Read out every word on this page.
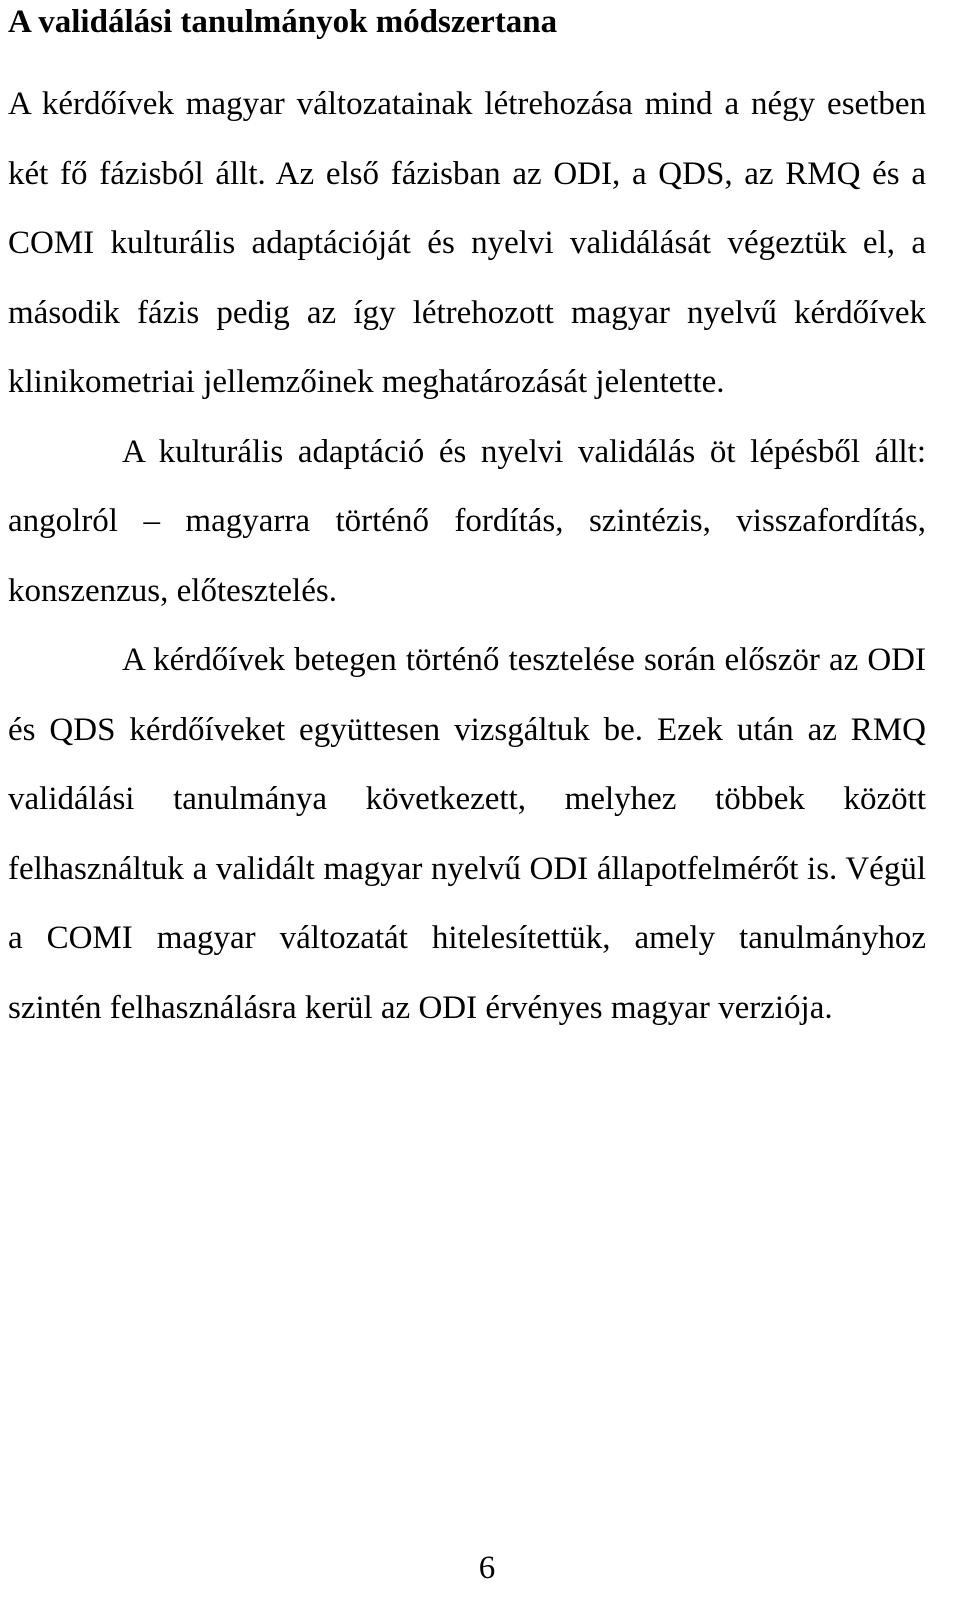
A validálási tanulmányok módszertana

A kérdőívek magyar változatainak létrehozása mind a négy esetben két fő fázisból állt. Az első fázisban az ODI, a QDS, az RMQ és a COMI kulturális adaptációját és nyelvi validálását végeztük el, a második fázis pedig az így létrehozott magyar nyelvű kérdőívek klinikometriai jellemzőinek meghatározását jelentette.

A kulturális adaptáció és nyelvi validálás öt lépésből állt: angolról – magyarra történő fordítás, szintézis, visszafordítás, konszenzus, előtesztelés.

A kérdőívek betegen történő tesztelése során először az ODI és QDS kérdőíveket együttesen vizsgáltuk be. Ezek után az RMQ validálási tanulmánya következett, melyhez többek között felhasználtuk a validált magyar nyelvű ODI állapotfelmérőt is. Végül a COMI magyar változatát hitelesítettük, amely tanulmányhoz szintén felhasználásra kerül az ODI érvényes magyar verziója.

6
